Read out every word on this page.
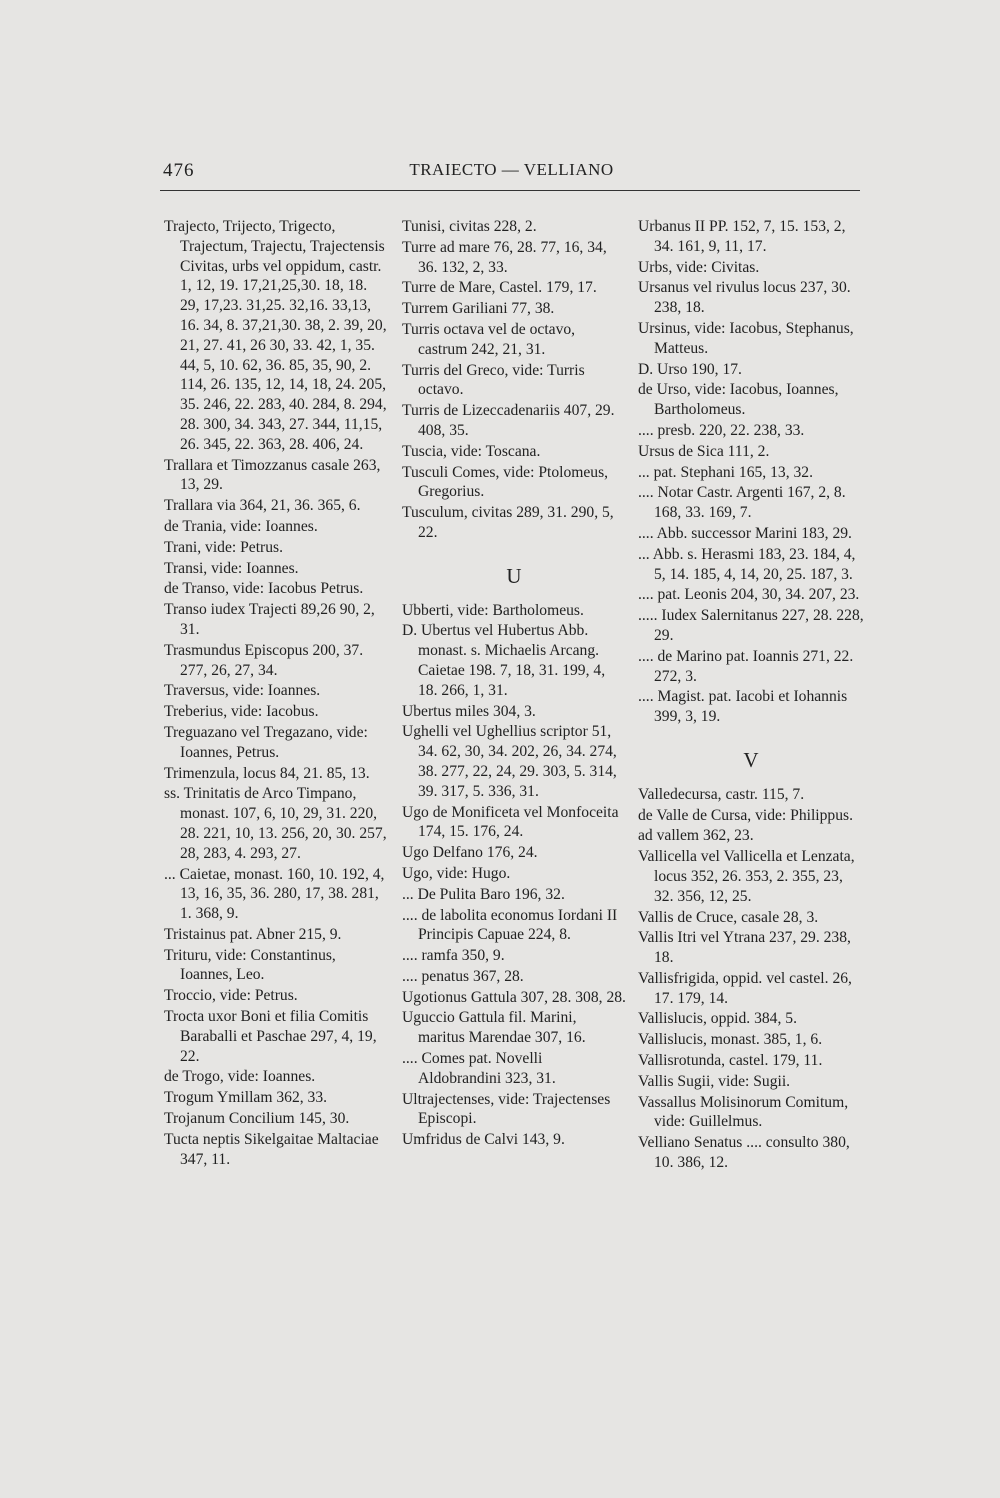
476	TRAIECTO — VELLIANO
Trajecto, Trijecto, Trigecto, Trajectum, Trajectu, Trajectensis Civitas, urbs vel oppidum, castr. 1, 12, 19. 17,21,25,30. 18, 18. 29, 17,23. 31,25. 32,16. 33,13, 16. 34, 8. 37,21,30. 38, 2. 39, 20, 21, 27. 41, 26 30, 33. 42, 1, 35. 44, 5, 10. 62, 36. 85, 35, 90, 2. 114, 26. 135, 12, 14, 18, 24. 205, 35. 246, 22. 283, 40. 284, 8. 294, 28. 300, 34. 343, 27. 344, 11,15, 26. 345, 22. 363, 28. 406, 24.
Trallara et Timozzanus casale 263, 13, 29.
Trallara via 364, 21, 36. 365, 6.
de Trania, vide: Ioannes.
Trani, vide: Petrus.
Transi, vide: Ioannes.
de Transo, vide: Iacobus Petrus.
Transo iudex Trajecti 89,26 90, 2, 31.
Trasmundus Episcopus 200, 37. 277, 26, 27, 34.
Traversus, vide: Ioannes.
Treberius, vide: Iacobus.
Treguazano vel Tregazano, vide: Ioannes, Petrus.
Trimenzula, locus 84, 21. 85, 13.
ss. Trinitatis de Arco Timpano, monast. 107, 6, 10, 29, 31. 220, 28. 221, 10, 13. 256, 20, 30. 257, 28, 283, 4. 293, 27.
... Caietae, monast. 160, 10. 192, 4, 13, 16, 35, 36. 280, 17, 38. 281, 1. 368, 9.
Tristainus pat. Abner 215, 9.
Trituru, vide: Constantinus, Ioannes, Leo.
Troccio, vide: Petrus.
Trocta uxor Boni et filia Comitis Baraballi et Paschae 297, 4, 19, 22.
de Trogo, vide: Ioannes.
Trogum Ymillam 362, 33.
Trojanum Concilium 145, 30.
Tucta neptis Sikelgaitae Maltaciae 347, 11.
Tunisi, civitas 228, 2.
Turre ad mare 76, 28. 77, 16, 34, 36. 132, 2, 33.
Turre de Mare, Castel. 179, 17.
Turrem Gariliani 77, 38.
Turris octava vel de octavo, castrum 242, 21, 31.
Turris del Greco, vide: Turris octavo.
Turris de Lizeccadenariis 407, 29. 408, 35.
Tuscia, vide: Toscana.
Tusculi Comes, vide: Ptolomeus, Gregorius.
Tusculum, civitas 289, 31. 290, 5, 22.
U
Ubberti, vide: Bartholomeus.
D. Ubertus vel Hubertus Abb. monast. s. Michaelis Arcang. Caietae 198. 7, 18, 31. 199, 4, 18. 266, 1, 31.
Ubertus miles 304, 3.
Ughelli vel Ughellius scriptor 51, 34. 62, 30, 34. 202, 26, 34. 274, 38. 277, 22, 24, 29. 303, 5. 314, 39. 317, 5. 336, 31.
Ugo de Monificeta vel Monfoceita 174, 15. 176, 24.
Ugo Delfano 176, 24.
Ugo, vide: Hugo.
... De Pulita Baro 196, 32.
.... de labolita economus Iordani II Principis Capuae 224, 8.
.... ramfa 350, 9.
.... penatus 367, 28.
Ugotionus Gattula 307, 28. 308, 28.
Uguccio Gattula fil. Marini, maritus Marendae 307, 16.
.... Comes pat. Novelli Aldobrandini 323, 31.
Ultrajectenses, vide: Trajectenses Episcopi.
Umfridus de Calvi 143, 9.
Urbanus II PP. 152, 7, 15. 153, 2, 34. 161, 9, 11, 17.
Urbs, vide: Civitas.
Ursanus vel rivulus locus 237, 30. 238, 18.
Ursinus, vide: Iacobus, Stephanus, Matteus.
D. Urso 190, 17.
de Urso, vide: Iacobus, Ioannes, Bartholomeus.
.... presb. 220, 22. 238, 33.
Ursus de Sica 111, 2.
... pat. Stephani 165, 13, 32.
.... Notar Castr. Argenti 167, 2, 8. 168, 33. 169, 7.
.... Abb. successor Marini 183, 29.
... Abb. s. Herasmi 183, 23. 184, 4, 5, 14. 185, 4, 14, 20, 25. 187, 3.
.... pat. Leonis 204, 30, 34. 207, 23.
..... Iudex Salernitanus 227, 28. 228, 29.
.... de Marino pat. Ioannis 271, 22. 272, 3.
.... Magist. pat. Iacobi et Iohannis 399, 3, 19.
V
Valledecursa, castr. 115, 7.
de Valle de Cursa, vide: Philippus.
ad vallem 362, 23.
Vallicella vel Vallicella et Lenzata, locus 352, 26. 353, 2. 355, 23, 32. 356, 12, 25.
Vallis de Cruce, casale 28, 3.
Vallis Itri vel Ytrana 237, 29. 238, 18.
Vallisfrigida, oppid. vel castel. 26, 17. 179, 14.
Vallislucis, oppid. 384, 5.
Vallislucis, monast. 385, 1, 6.
Vallisrotunda, castel. 179, 11.
Vallis Sugii, vide: Sugii.
Vassallus Molisinorum Comitum, vide: Guillelmus.
Velliano Senatus .... consulto 380, 10. 386, 12.
